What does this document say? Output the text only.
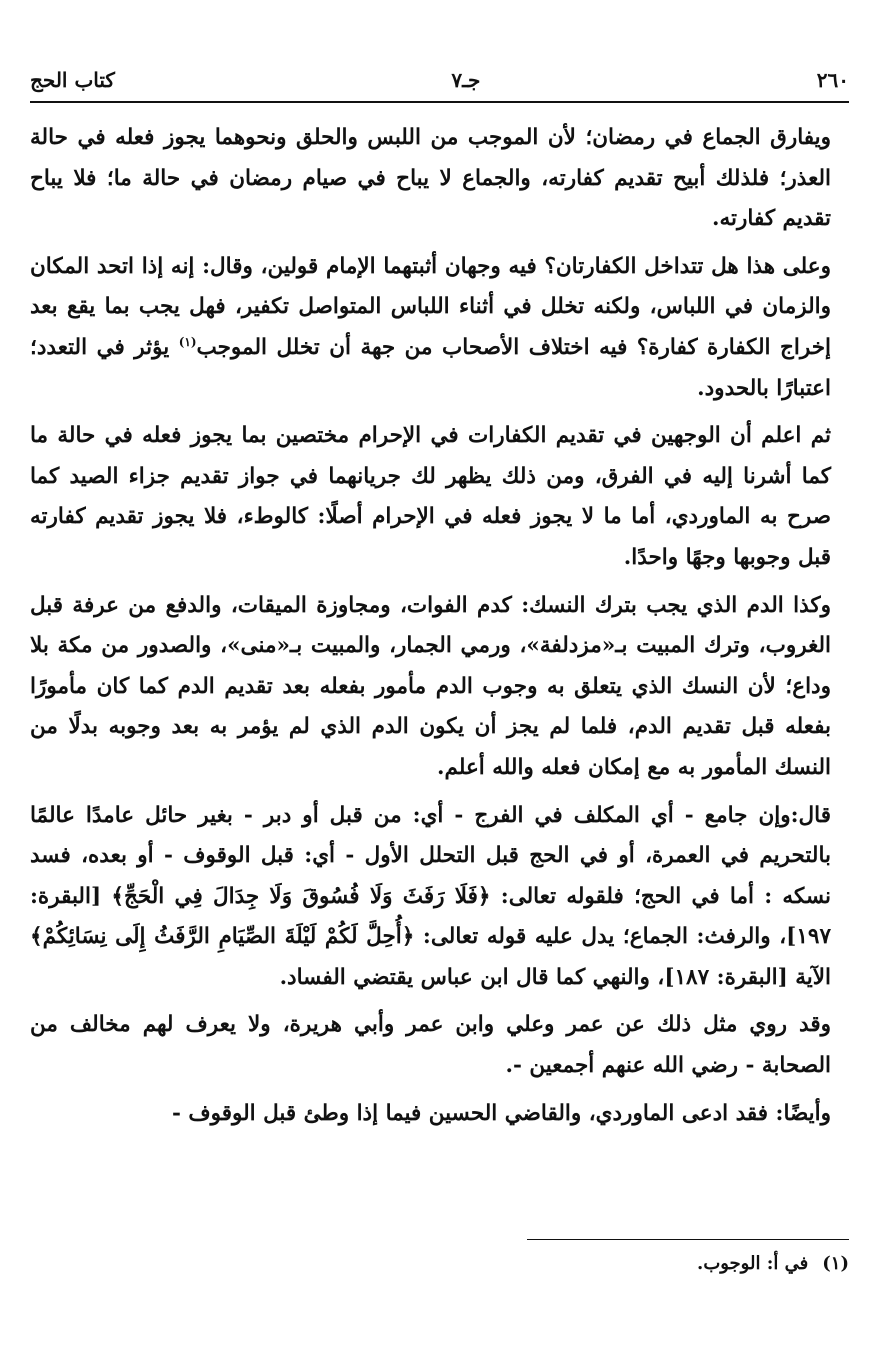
٢٦٠
جـ٧
كتاب الحج

ويفارق الجماع في رمضان؛ لأن الموجب من اللبس والحلق ونحوهما يجوز فعله في حالة العذر؛ فلذلك أبيح تقديم كفارته، والجماع لا يباح في صيام رمضان في حالة ما؛ فلا يباح تقديم كفارته.

وعلى هذا هل تتداخل الكفارتان؟ فيه وجهان أثبتهما الإمام قولين، وقال: إنه إذا اتحد المكان والزمان في اللباس، ولكنه تخلل في أثناء اللباس المتواصل تكفير، فهل يجب بما يقع بعد إخراج الكفارة كفارة؟ فيه اختلاف الأصحاب من جهة أن تخلل الموجب$^{(١)}$ يؤثر في التعدد؛ اعتبارًا بالحدود.

ثم اعلم أن الوجهين في تقديم الكفارات في الإحرام مختصين بما يجوز فعله في حالة ما كما أشرنا إليه في الفرق، ومن ذلك يظهر لك جريانهما في جواز تقديم جزاء الصيد كما صرح به الماوردي، أما ما لا يجوز فعله في الإحرام أصلًا: كالوطء، فلا يجوز تقديم كفارته قبل وجوبها وجهًا واحدًا.

وكذا الدم الذي يجب بترك النسك: كدم الفوات، ومجاوزة الميقات، والدفع من عرفة قبل الغروب، وترك المبيت بـ«مزدلفة»، ورمي الجمار، والمبيت بـ«منى»، والصدور من مكة بلا وداع؛ لأن النسك الذي يتعلق به وجوب الدم مأمور بفعله بعد تقديم الدم كما كان مأمورًا بفعله قبل تقديم الدم، فلما لم يجز أن يكون الدم الذي لم يؤمر به بعد وجوبه بدلًا من النسك المأمور به مع إمكان فعله والله أعلم.

قال:وإن جامع - أي المكلف في الفرج - أي: من قبل أو دبر - بغير حائل عامدًا عالمًا بالتحريم في العمرة، أو في الحج قبل التحلل الأول - أي: قبل الوقوف - أو بعده، فسد نسكه : أما في الحج؛ فلقوله تعالى: ﴿فَلَا رَفَثَ وَلَا فُسُوقَ وَلَا جِدَالَ فِي الْحَجِّ﴾ [البقرة: ١٩٧]، والرفث: الجماع؛ يدل عليه قوله تعالى: ﴿أُحِلَّ لَكُمْ لَيْلَةَ الصِّيَامِ الرَّفَثُ إِلَى نِسَائِكُمْ﴾ الآية [البقرة: ١٨٧]، والنهي كما قال ابن عباس يقتضي الفساد.

وقد روي مثل ذلك عن عمر وعلي وابن عمر وأبي هريرة، ولا يعرف لهم مخالف من الصحابة - رضي الله عنهم أجمعين -.

وأيضًا: فقد ادعى الماوردي، والقاضي الحسين فيما إذا وطئ قبل الوقوف -

(١)في أ: الوجوب.
